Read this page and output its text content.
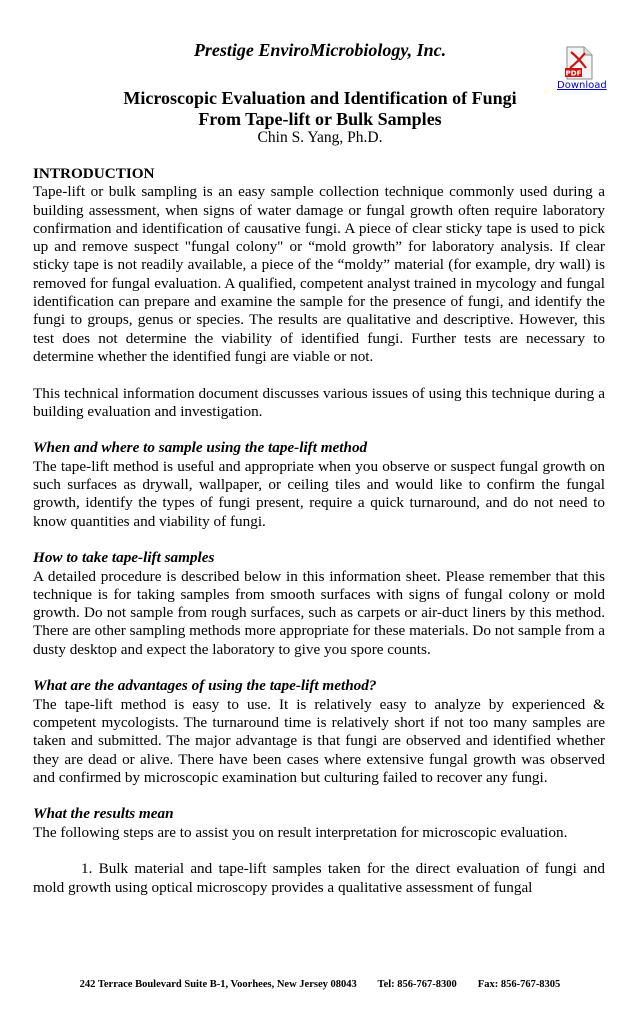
Prestige EnviroMicrobiology, Inc.
PDF
Download
Microscopic Evaluation and Identification of Fungi
From Tape-lift or Bulk Samples
Chin S. Yang, Ph.D.

INTRODUCTION

Tape-lift or bulk sampling is an easy sample collection technique commonly used during a building assessment, when signs of water damage or fungal growth often require laboratory confirmation and identification of causative fungi. A piece of clear sticky tape is used to pick up and remove suspect "fungal colony" or “mold growth” for laboratory analysis. If clear sticky tape is not readily available, a piece of the “moldy” material (for example, dry wall) is removed for fungal evaluation. A qualified, competent analyst trained in mycology and fungal identification can prepare and examine the sample for the presence of fungi, and identify the fungi to groups, genus or species. The results are qualitative and descriptive. However, this test does not determine the viability of identified fungi. Further tests are necessary to determine whether the identified fungi are viable or not.

This technical information document discusses various issues of using this technique during a building evaluation and investigation.

When and where to sample using the tape-lift method

The tape-lift method is useful and appropriate when you observe or suspect fungal growth on such surfaces as drywall, wallpaper, or ceiling tiles and would like to confirm the fungal growth, identify the types of fungi present, require a quick turnaround, and do not need to know quantities and viability of fungi.

How to take tape-lift samples

A detailed procedure is described below in this information sheet. Please remember that this technique is for taking samples from smooth surfaces with signs of fungal colony or mold growth. Do not sample from rough surfaces, such as carpets or air-duct liners by this method. There are other sampling methods more appropriate for these materials. Do not sample from a dusty desktop and expect the laboratory to give you spore counts.

What are the advantages of using the tape-lift method?

The tape-lift method is easy to use. It is relatively easy to analyze by experienced & competent mycologists. The turnaround time is relatively short if not too many samples are taken and submitted. The major advantage is that fungi are observed and identified whether they are dead or alive. There have been cases where extensive fungal growth was observed and confirmed by microscopic examination but culturing failed to recover any fungi.

What the results mean

The following steps are to assist you on result interpretation for microscopic evaluation.

1. Bulk material and tape-lift samples taken for the direct evaluation of fungi and mold growth using optical microscopy provides a qualitative assessment of fungal

242 Terrace Boulevard Suite B-1, Voorhees, New Jersey 08043 Tel: 856-767-8300 Fax: 856-767-8305
